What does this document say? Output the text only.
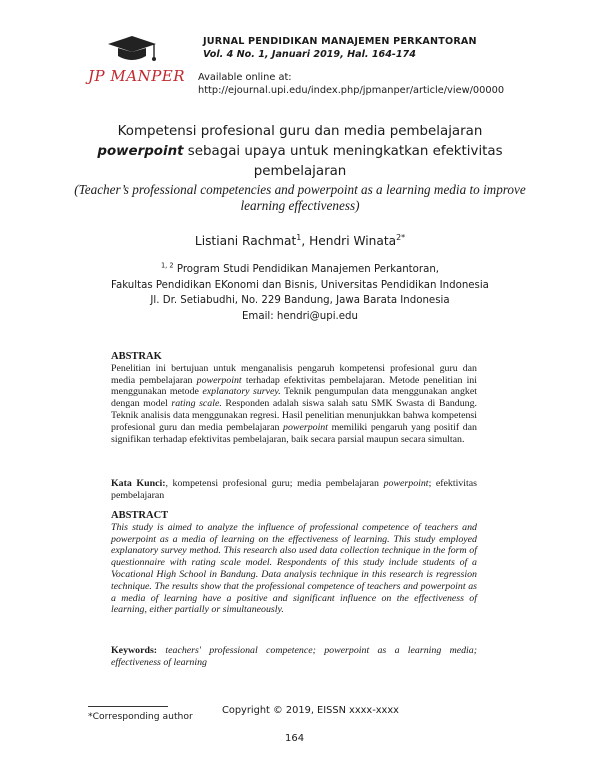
JP MANPER
JURNAL PENDIDIKAN MANAJEMEN PERKANTORAN
Vol. 4 No. 1, Januari 2019, Hal. 164-174
Available online at:
http://ejournal.upi.edu/index.php/jpmanper/article/view/00000
Kompetensi profesional guru dan media pembelajaran
powerpoint sebagai upaya untuk meningkatkan efektivitas
pembelajaran
(Teacher’s professional competencies and powerpoint as a learning media to improve learning effectiveness)
Listiani Rachmat$^1$, Hendri Winata$^{2*}$
$^{1, 2}$ Program Studi Pendidikan Manajemen Perkantoran,
Fakultas Pendidikan EKonomi dan Bisnis, Universitas Pendidikan Indonesia
Jl. Dr. Setiabudhi, No. 229 Bandung, Jawa Barata Indonesia
Email: hendri@upi.edu
ABSTRAK
Penelitian ini bertujuan untuk menganalisis pengaruh kompetensi profesional guru dan media pembelajaran powerpoint terhadap efektivitas pembelajaran. Metode penelitian ini menggunakan metode explanatory survey. Teknik pengumpulan data menggunakan angket dengan model rating scale. Responden adalah siswa salah satu SMK Swasta di Bandung. Teknik analisis data menggunakan regresi. Hasil penelitian menunjukkan bahwa kompetensi profesional guru dan media pembelajaran powerpoint memiliki pengaruh yang positif dan signifikan terhadap efektivitas pembelajaran, baik secara parsial maupun secara simultan.
Kata Kunci:, kompetensi profesional guru; media pembelajaran powerpoint; efektivitas pembelajaran
ABSTRACT
This study is aimed to analyze the influence of professional competence of teachers and powerpoint as a media of learning on the effectiveness of learning. This study employed explanatory survey method. This research also used data collection technique in the form of questionnaire with rating scale model. Respondents of this study include students of a Vocational High School in Bandung. Data analysis technique in this research is regression technique. The results show that the professional competence of teachers and powerpoint as a media of learning have a positive and significant influence on the effectiveness of learning, either partially or simultaneously.
Keywords: teachers' professional competence; powerpoint as a learning media; effectiveness of learning
*Corresponding author
Copyright © 2019, EISSN xxxx-xxxx
164
